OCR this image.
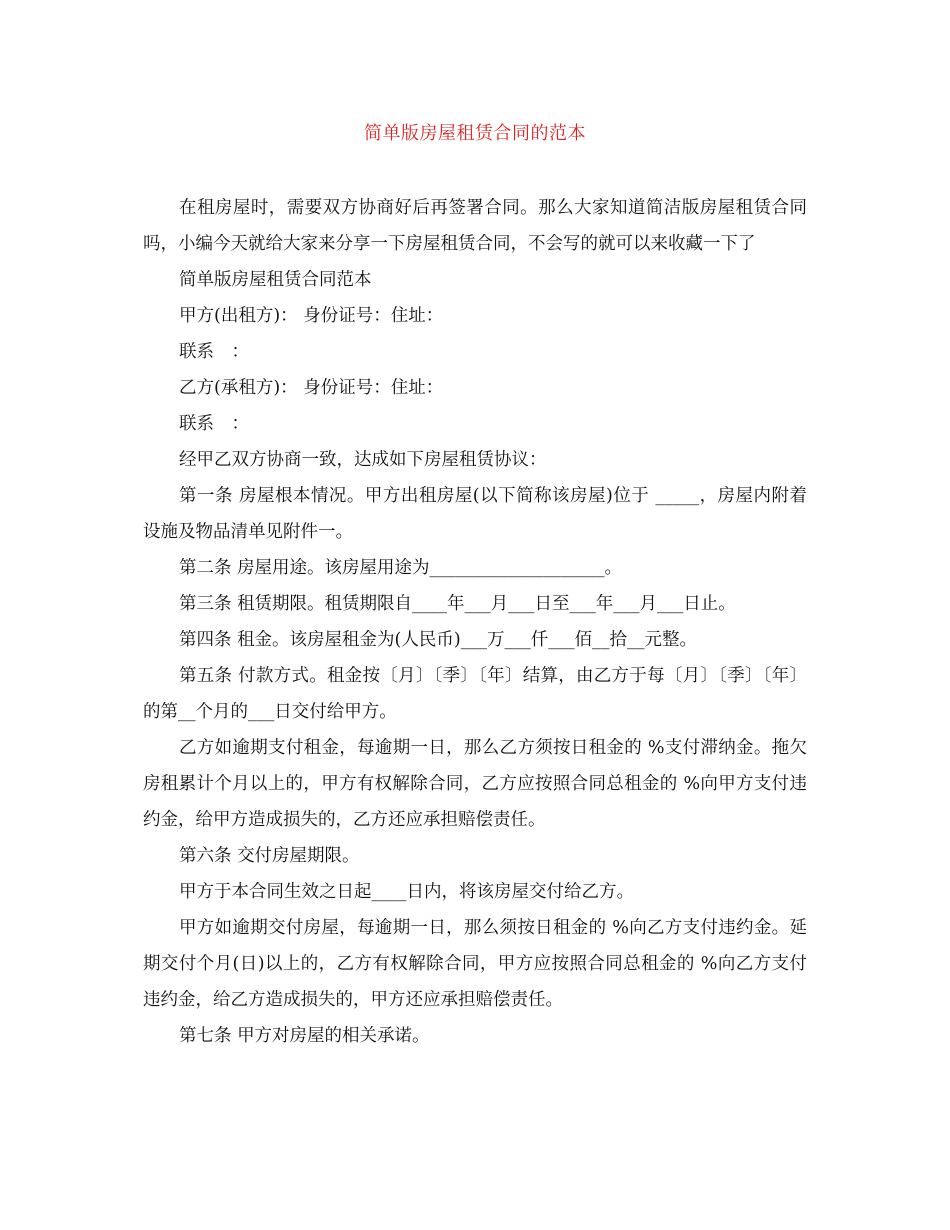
简单版房屋租赁合同的范本

在租房屋时，需要双方协商好后再签署合同。那么大家知道简洁版房屋租赁合同吗，小编今天就给大家来分享一下房屋租赁合同，不会写的就可以来收藏一下了

简单版房屋租赁合同范本

甲方(出租方)： 身份证号：住址：

联系　：

乙方(承租方)： 身份证号：住址：

联系　：

经甲乙双方协商一致，达成如下房屋租赁协议：

第一条 房屋根本情况。甲方出租房屋(以下简称该房屋)位于 _____，房屋内附着设施及物品清单见附件一。

第二条 房屋用途。该房屋用途为____________________。

第三条 租赁期限。租赁期限自____年___月___日至___年___月___日止。

第四条 租金。该房屋租金为(人民币)___万___仟___佰__拾__元整。

第五条 付款方式。租金按〔月〕〔季〕〔年〕结算，由乙方于每〔月〕〔季〕〔年〕的第__个月的___日交付给甲方。

乙方如逾期支付租金，每逾期一日，那么乙方须按日租金的 %支付滞纳金。拖欠房租累计个月以上的，甲方有权解除合同，乙方应按照合同总租金的 %向甲方支付违约金，给甲方造成损失的，乙方还应承担赔偿责任。

第六条 交付房屋期限。

甲方于本合同生效之日起____日内，将该房屋交付给乙方。

甲方如逾期交付房屋，每逾期一日，那么须按日租金的 %向乙方支付违约金。延期交付个月(日)以上的，乙方有权解除合同，甲方应按照合同总租金的 %向乙方支付违约金，给乙方造成损失的，甲方还应承担赔偿责任。

第七条 甲方对房屋的相关承诺。
